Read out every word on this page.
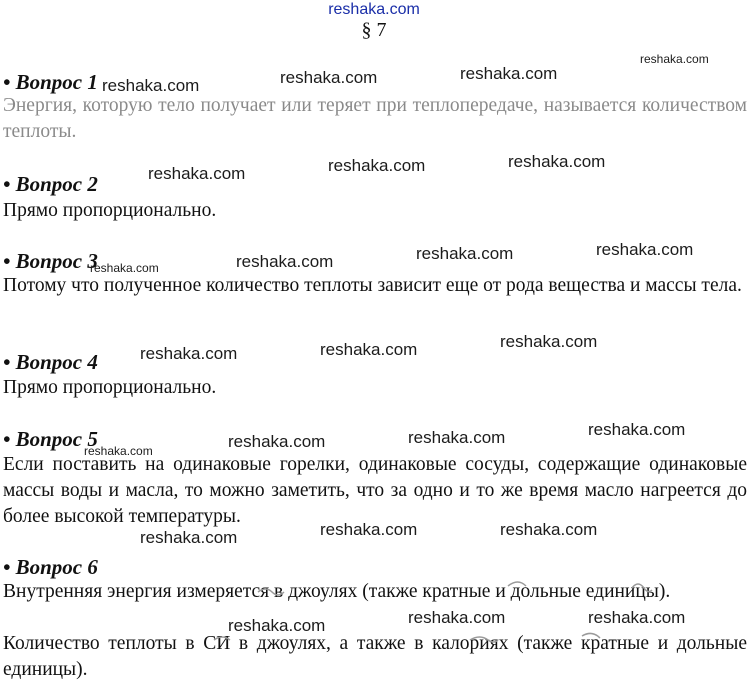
reshaka.com
§ 7
• Вопрос 1
Энергия, которую тело получает или теряет при теплопередаче, называется количеством теплоты.
• Вопрос 2
Прямо пропорционально.
• Вопрос 3
Потому что полученное количество теплоты зависит еще от рода вещества и массы тела.
• Вопрос 4
Прямо пропорционально.
• Вопрос 5
Если поставить на одинаковые горелки, одинаковые сосуды, содержащие одинаковые массы воды и масла, то можно заметить, что за одно и то же время масло нагреется до более высокой температуры.
• Вопрос 6
Внутренняя энергия измеряется в джоулях (также кратные и дольные единицы).
Количество теплоты в СИ в джоулях, а также в калориях (также кратные и дольные единицы).
reshaka.com	reshaka.com	reshaka.com
reshaka.com
reshaka.com	reshaka.com	reshaka.com
reshaka.com	reshaka.com	reshaka.com	reshaka.com
reshaka.com	reshaka.com	reshaka.com
reshaka.com	reshaka.com	reshaka.com	reshaka.com
reshaka.com	reshaka.com	reshaka.com
reshaka.com	reshaka.com	reshaka.com
